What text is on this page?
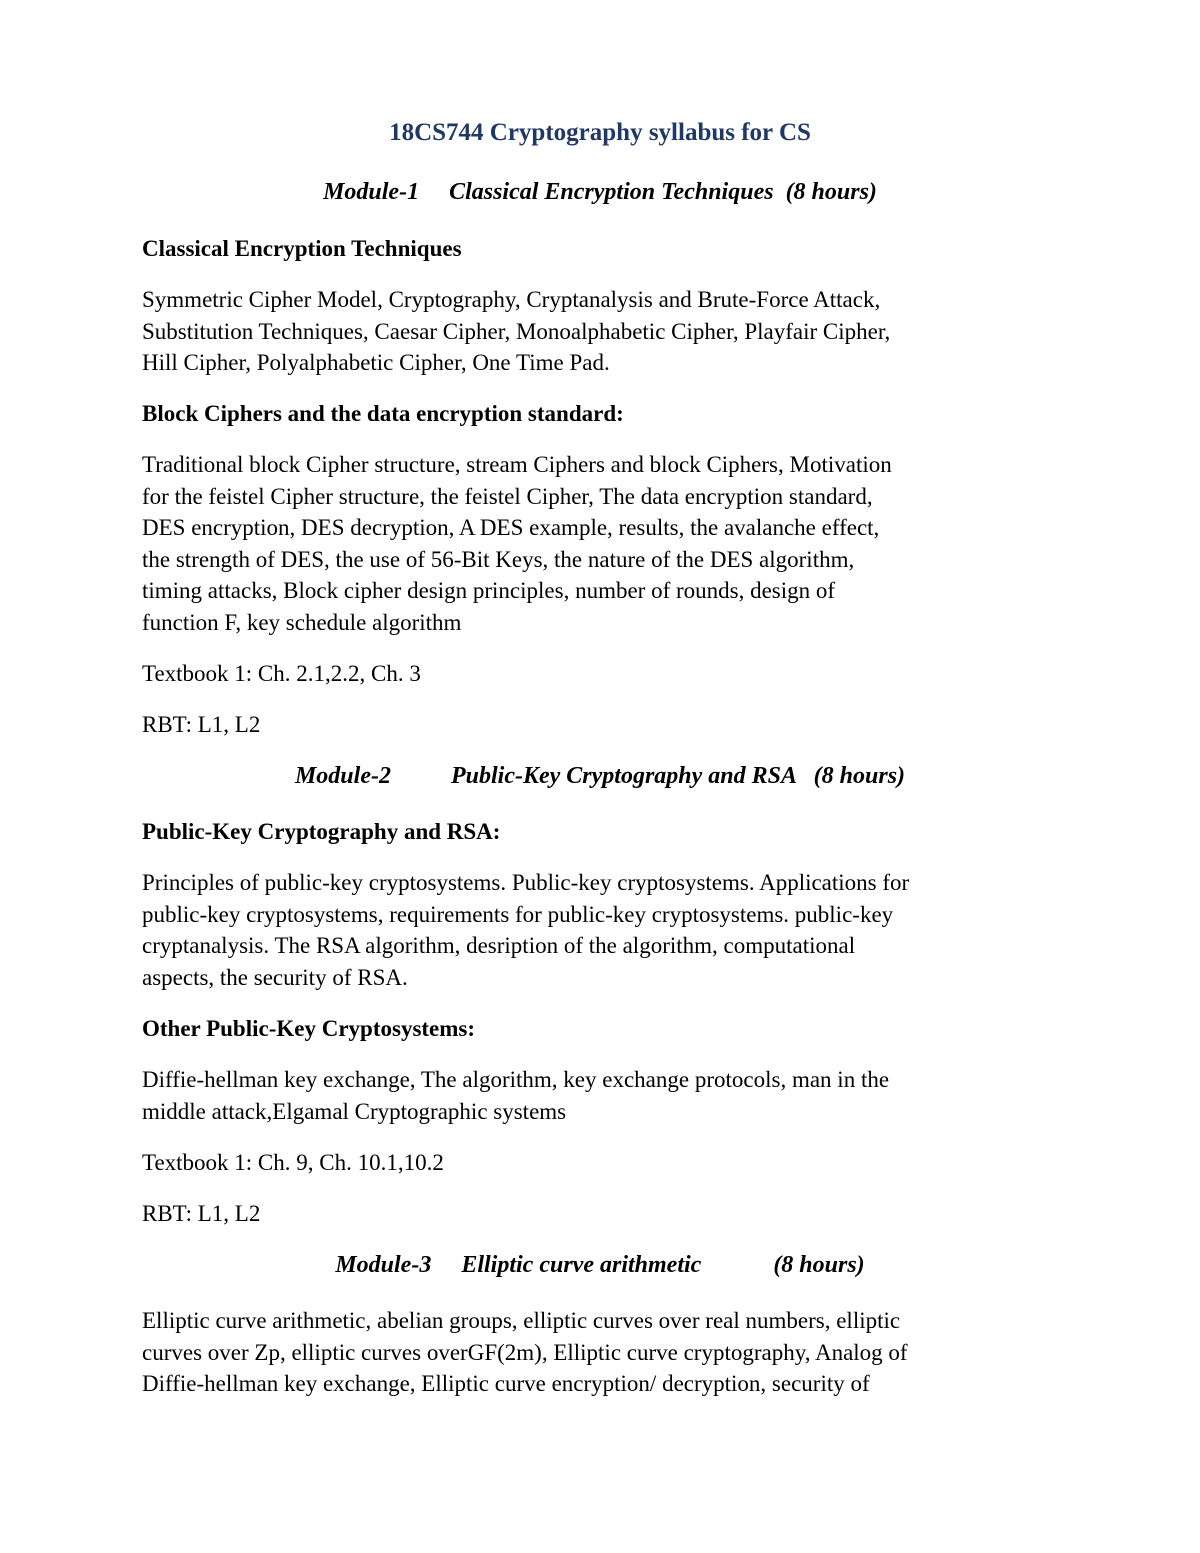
18CS744 Cryptography syllabus for CS
Module-1 Classical Encryption Techniques (8 hours)
Classical Encryption Techniques
Symmetric Cipher Model, Cryptography, Cryptanalysis and Brute-Force Attack,
Substitution Techniques, Caesar Cipher, Monoalphabetic Cipher, Playfair Cipher,
Hill Cipher, Polyalphabetic Cipher, One Time Pad.
Block Ciphers and the data encryption standard:
Traditional block Cipher structure, stream Ciphers and block Ciphers, Motivation
for the feistel Cipher structure, the feistel Cipher, The data encryption standard,
DES encryption, DES decryption, A DES example, results, the avalanche effect,
the strength of DES, the use of 56-Bit Keys, the nature of the DES algorithm,
timing attacks, Block cipher design principles, number of rounds, design of
function F, key schedule algorithm
Textbook 1: Ch. 2.1,2.2, Ch. 3
RBT: L1, L2
Module-2	Public-Key Cryptography and RSA (8 hours)
Public-Key Cryptography and RSA:
Principles of public-key cryptosystems. Public-key cryptosystems. Applications for
public-key cryptosystems, requirements for public-key cryptosystems. public-key
cryptanalysis. The RSA algorithm, desription of the algorithm, computational
aspects, the security of RSA.
Other Public-Key Cryptosystems:
Diffie-hellman key exchange, The algorithm, key exchange protocols, man in the
middle attack,Elgamal Cryptographic systems
Textbook 1: Ch. 9, Ch. 10.1,10.2
RBT: L1, L2
Module-3 Elliptic curve arithmetic	(8 hours)
Elliptic curve arithmetic, abelian groups, elliptic curves over real numbers, elliptic
curves over Zp, elliptic curves overGF(2m), Elliptic curve cryptography, Analog of
Diffie-hellman key exchange, Elliptic curve encryption/ decryption, security of
